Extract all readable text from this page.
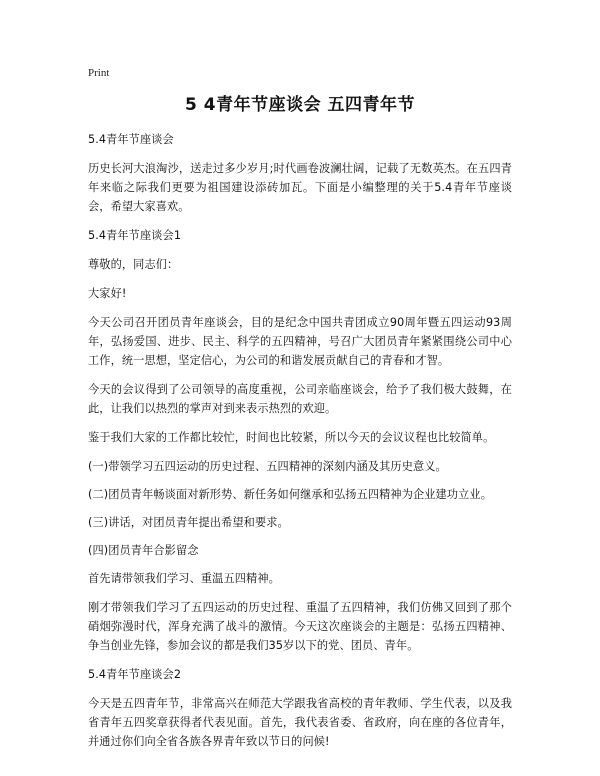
Print
5 4青年节座谈会 五四青年节

5.4青年节座谈会

历史长河大浪淘沙，送走过多少岁月;时代画卷波澜壮阔，记载了无数英杰。在五四青年来临之际我们更要为祖国建设添砖加瓦。下面是小编整理的关于5.4青年节座谈会，希望大家喜欢。

5.4青年节座谈会1

尊敬的，同志们：

大家好!

今天公司召开团员青年座谈会，目的是纪念中国共青团成立90周年暨五四运动93周年，弘扬爱国、进步、民主、科学的五四精神，号召广大团员青年紧紧围绕公司中心工作，统一思想，坚定信心，为公司的和谐发展贡献自己的青春和才智。

今天的会议得到了公司领导的高度重视，公司亲临座谈会，给予了我们极大鼓舞，在此，让我们以热烈的掌声对到来表示热烈的欢迎。

鉴于我们大家的工作都比较忙，时间也比较紧，所以今天的会议议程也比较简单。

(一)带领学习五四运动的历史过程、五四精神的深刻内涵及其历史意义。

(二)团员青年畅谈面对新形势、新任务如何继承和弘扬五四精神为企业建功立业。

(三)讲话，对团员青年提出希望和要求。

(四)团员青年合影留念

首先请带领我们学习、重温五四精神。

刚才带领我们学习了五四运动的历史过程、重温了五四精神，我们仿佛又回到了那个硝烟弥漫时代，浑身充满了战斗的激情。今天这次座谈会的主题是：弘扬五四精神、争当创业先锋，参加会议的都是我们35岁以下的党、团员、青年。

5.4青年节座谈会2

今天是五四青年节，非常高兴在师范大学跟我省高校的青年教师、学生代表，以及我省青年五四奖章获得者代表见面。首先，我代表省委、省政府，向在座的各位青年，并通过你们向全省各族各界青年致以节日的问候!
